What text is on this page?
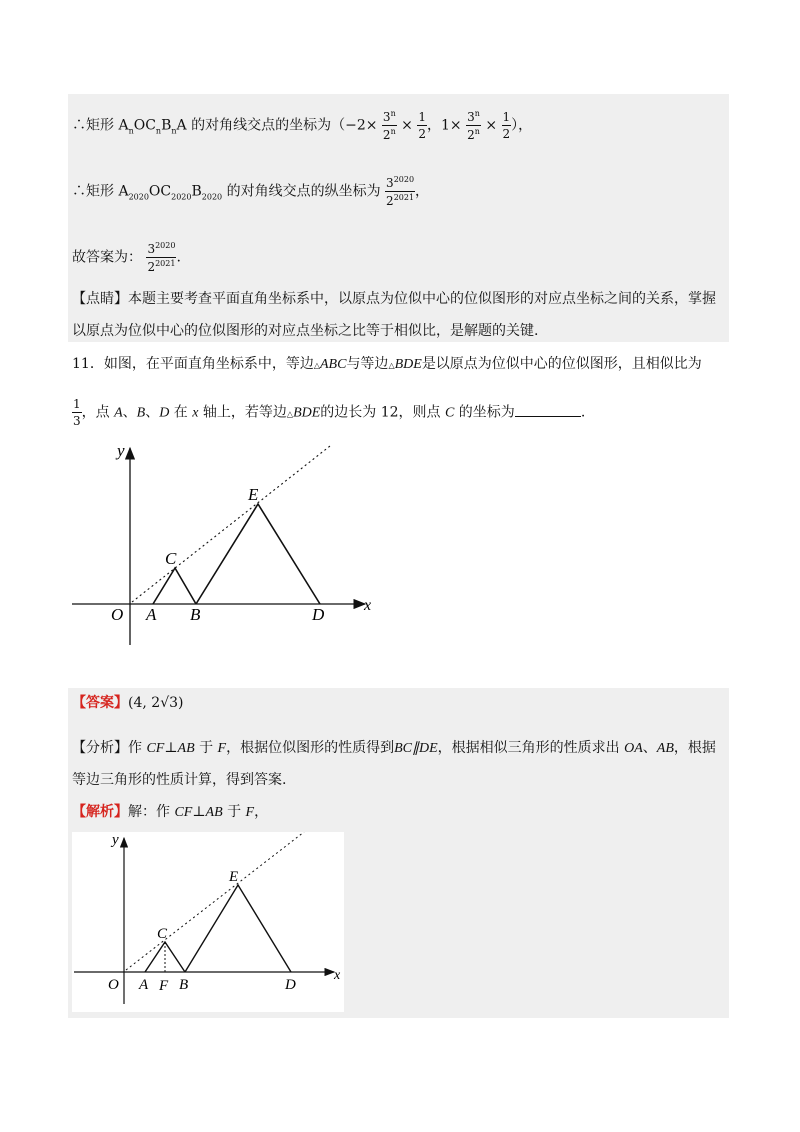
∴矩形 $A_nOC_nB_nA$ 的对角线交点的坐标为（$-2\times \frac{3^n}{2^n} \times \frac{1}{2}$ ，$1\times \frac{3^n}{2^n} \times \frac{1}{2}$ ），
∴矩形 $A_{2020}OC_{2020}B_{2020}$ 的对角线交点的纵坐标为 $\frac{3^{2020}}{2^{2021}}$ ，
故答案为： $\frac{3^{2020}}{2^{2021}}$ .
【点睛】本题主要考查平面直角坐标系中，以原点为位似中心的位似图形的对应点坐标之间的关系，掌握
以原点为位似中心的位似图形的对应点坐标之比等于相似比，是解题的关键.
11．如图，在平面直角坐标系中，等边△ABC与等边△BDE是以原点为位似中心的位似图形，且相似比为
$\frac{1}{3}$ ，点 A、B、D 在 x 轴上，若等边△BDE的边长为 12，则点 C 的坐标为	.
y
x
O A B
C
D
E
【答案】(4, 2√3)
【分析】作 CF⊥AB 于 F，根据位似图形的性质得到BC∥DE，根据相似三角形的性质求出 OA、AB，根据
等边三角形的性质计算，得到答案.
【解析】解：作 CF⊥AB 于 F，
y
x
O A F B
C
D
E
